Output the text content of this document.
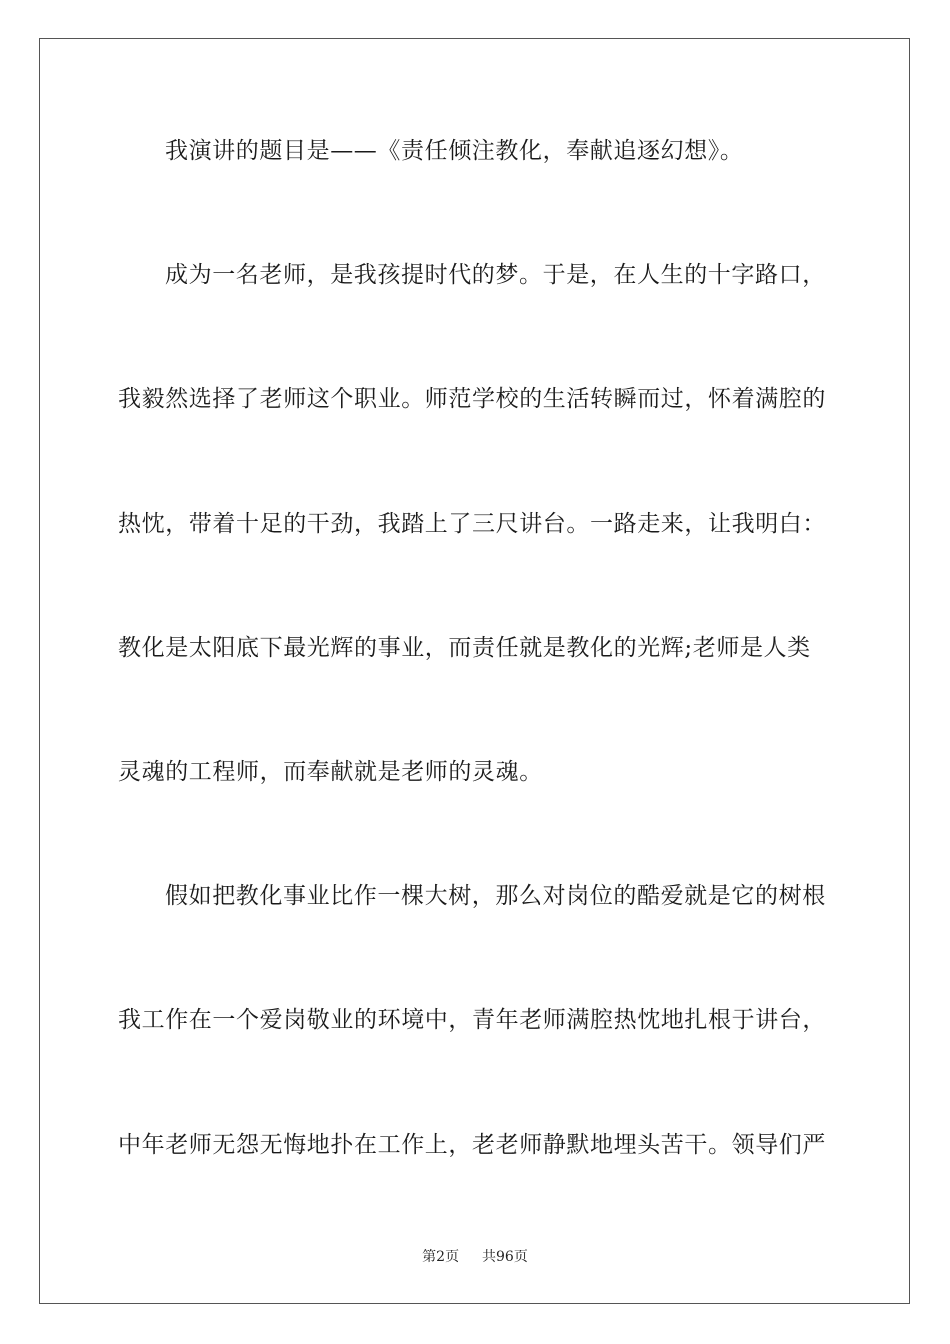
我演讲的题目是——《责任倾注教化，奉献追逐幻想》。
成为一名老师，是我孩提时代的梦。于是，在人生的十字路口，
我毅然选择了老师这个职业。师范学校的生活转瞬而过，怀着满腔的
热忱，带着十足的干劲，我踏上了三尺讲台。一路走来，让我明白：
教化是太阳底下最光辉的事业，而责任就是教化的光辉;老师是人类
灵魂的工程师，而奉献就是老师的灵魂。
假如把教化事业比作一棵大树，那么对岗位的酷爱就是它的树根
我工作在一个爱岗敬业的环境中，青年老师满腔热忱地扎根于讲台，
中年老师无怨无悔地扑在工作上，老老师静默地埋头苦干。领导们严
第2页 共96页
